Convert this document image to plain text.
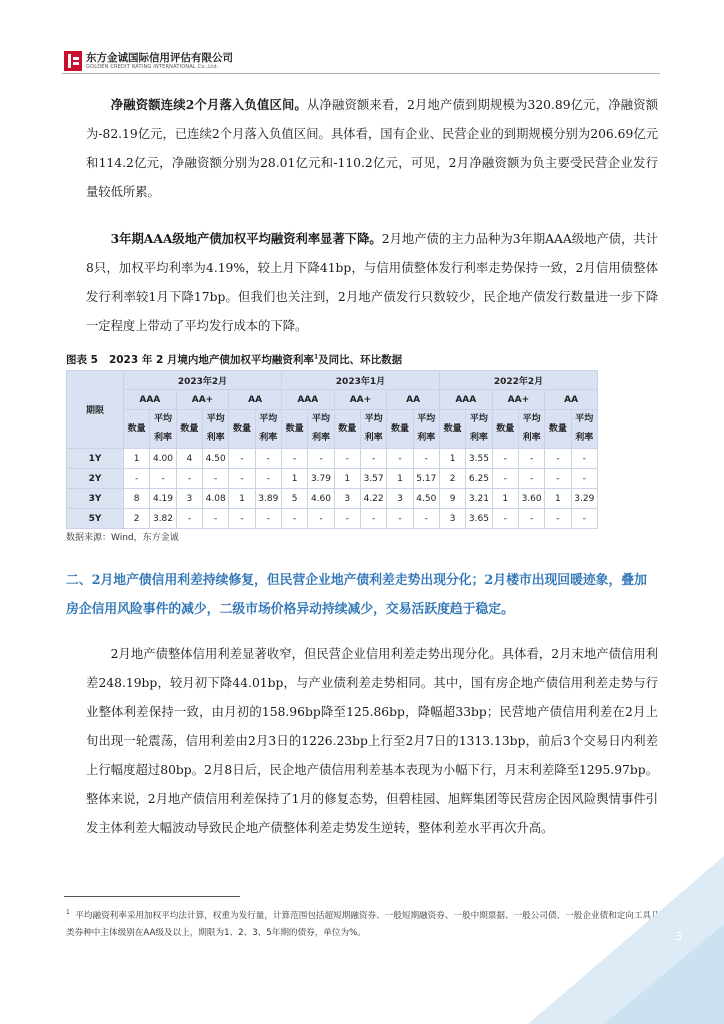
东方金诚国际信用评估有限公司
GOLDEN CREDIT RATING INTERNATIONAL Co.,Ltd.
  净融资额连续2个月落入负值区间。从净融资额来看，2月地产债到期规模为320.89亿元，净融资额为-82.19亿元，已连续2个月落入负值区间。具体看，国有企业、民营企业的到期规模分别为206.69亿元和114.2亿元，净融资额分别为28.01亿元和-110.2亿元，可见，2月净融资额为负主要受民营企业发行量较低所累。
  3年期AAA级地产债加权平均融资利率显著下降。2月地产债的主力品种为3年期AAA级地产债，共计8只，加权平均利率为4.19%，较上月下降41bp，与信用债整体发行利率走势保持一致，2月信用债整体发行利率较1月下降17bp。但我们也关注到，2月地产债发行只数较少，民企地产债发行数量进一步下降一定程度上带动了平均发行成本的下降。
图表 5 2023 年 2 月境内地产债加权平均融资利率$^1$及同比、环比数据
期限	2023年2月						2023年1月						2022年2月					
	AAA		AA+		AA		AAA		AA+		AA		AAA		AA+		AA	
	数量	平均利率	数量	平均利率	数量	平均利率	数量	平均利率	数量	平均利率	数量	平均利率	数量	平均利率	数量	平均利率	数量	平均利率
1Y	1	4.00	4	4.50	-	-	-	-	-	-	-	-	1	3.55	-	-	-	-
2Y	-	-	-	-	-	-	1	3.79	1	3.57	1	5.17	2	6.25	-	-	-	-
3Y	8	4.19	3	4.08	1	3.89	5	4.60	3	4.22	3	4.50	9	3.21	1	3.60	1	3.29
5Y	2	3.82	-	-	-	-	-	-	-	-	-	-	3	3.65	-	-	-	-
数据来源：Wind，东方金诚
二、2月地产债信用利差持续修复，但民营企业地产债利差走势出现分化；2月楼市出现回暖迹象，叠加房企信用风险事件的减少，二级市场价格异动持续减少，交易活跃度趋于稳定。
  2月地产债整体信用利差显著收窄，但民营企业信用利差走势出现分化。具体看，2月末地产债信用利差248.19bp，较月初下降44.01bp，与产业债利差走势相同。其中，国有房企地产债信用利差走势与行业整体利差保持一致，由月初的158.96bp降至125.86bp，降幅超33bp；民营地产债信用利差在2月上旬出现一轮震荡，信用利差由2月3日的1226.23bp上行至2月7日的1313.13bp，前后3个交易日内利差上行幅度超过80bp。2月8日后，民企地产债信用利差基本表现为小幅下行，月末利差降至1295.97bp。整体来说，2月地产债信用利差保持了1月的修复态势，但碧桂园、旭辉集团等民营房企因风险舆情事件引发主体利差大幅波动导致民企地产债整体利差走势发生逆转，整体利差水平再次升高。
$^1$ 平均融资利率采用加权平均法计算，权重为发行量，计算范围包括超短期融资券、一般短期融资券、一般中期票据、一般公司债、一般企业债和定向工具几类券种中主体级别在AA级及以上，期限为1、2、3、5年期的债券，单位为%。	3
